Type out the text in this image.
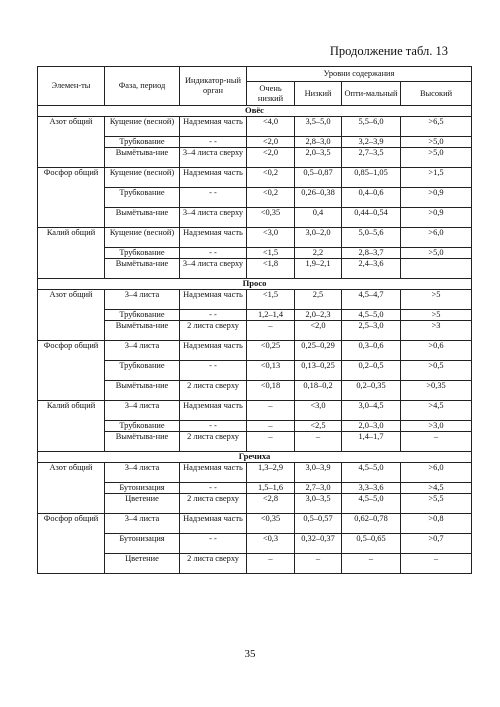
Продолжение табл. 13
Элемен-ты	Фаза, период	Индикатор-ный орган	Уровни содержания			
			Очень низкий	Низкий	Опти-мальный	Высокий
Овёс						
Азот общий	Кущение (весной)	Надземная часть	<4,0	3,5–5,0	5,5–6,0	>6,5
	Трубкование	- -	<2,0	2,8–3,0	3,2–3,9	>5,0
	Вымётыва-ние	3–4 листа сверху	<2,0	2,0–3,5	2,7–3,5	>5,0
Фосфор общий	Кущение (весной)	Надземная часть	<0,2	0,5–0,87	0,85–1,05	>1,5
	Трубкование	- -	<0,2	0,26–0,38	0,4–0,6	>0,9
	Вымётыва-ние	3–4 листа сверху	<0,35	0,4	0,44–0,54	>0,9
Калий общий	Кущение (весной)	Надземная часть	<3,0	3,0–2,0	5,0–5,6	>6,0
	Трубкование	- -	<1,5	2,2	2,8–3,7	>5,0
	Вымётыва-ние	3–4 листа сверху	<1,8	1,9–2,1	2,4–3,6	
Просо						
Азот общий	3–4 листа	Надземная часть	<1,5	2,5	4,5–4,7	>5
	Трубкование	- -	1,2–1,4	2,0–2,3	4,5–5,0	>5
	Вымётыва-ние	2 листа сверху	–	<2,0	2,5–3,0	>3
Фосфор общий	3–4 листа	Надземная часть	<0,25	0,25–0,29	0,3–0,6	>0,6
	Трубкование	- -	<0,13	0,13–0,25	0,2–0,5	>0,5
	Вымётыва-ние	2 листа сверху	<0,18	0,18–0,2	0,2–0,35	>0,35
Калий общий	3–4 листа	Надземная часть	–	<3,0	3,0–4,5	>4,5
	Трубкование	- -	–	<2,5	2,0–3,0	>3,0
	Вымётыва-ние	2 листа сверху	–	–	1,4–1,7	–
Гречиха						
Азот общий	3–4 листа	Надземная часть	1,3–2,9	3,0–3,9	4,5–5,0	>6,0
	Бутонизация	- -	1,5–1,6	2,7–3,0	3,3–3,6	>4,5
	Цветение	2 листа сверху	<2,8	3,0–3,5	4,5–5,0	>5,5
Фосфор общий	3–4 листа	Надземная часть	<0,35	0,5–0,57	0,62–0,78	>0,8
	Бутонизация	- -	<0,3	0,32–0,37	0,5–0,65	>0,7
	Цветение	2 листа сверху	–	–	–	–
35
